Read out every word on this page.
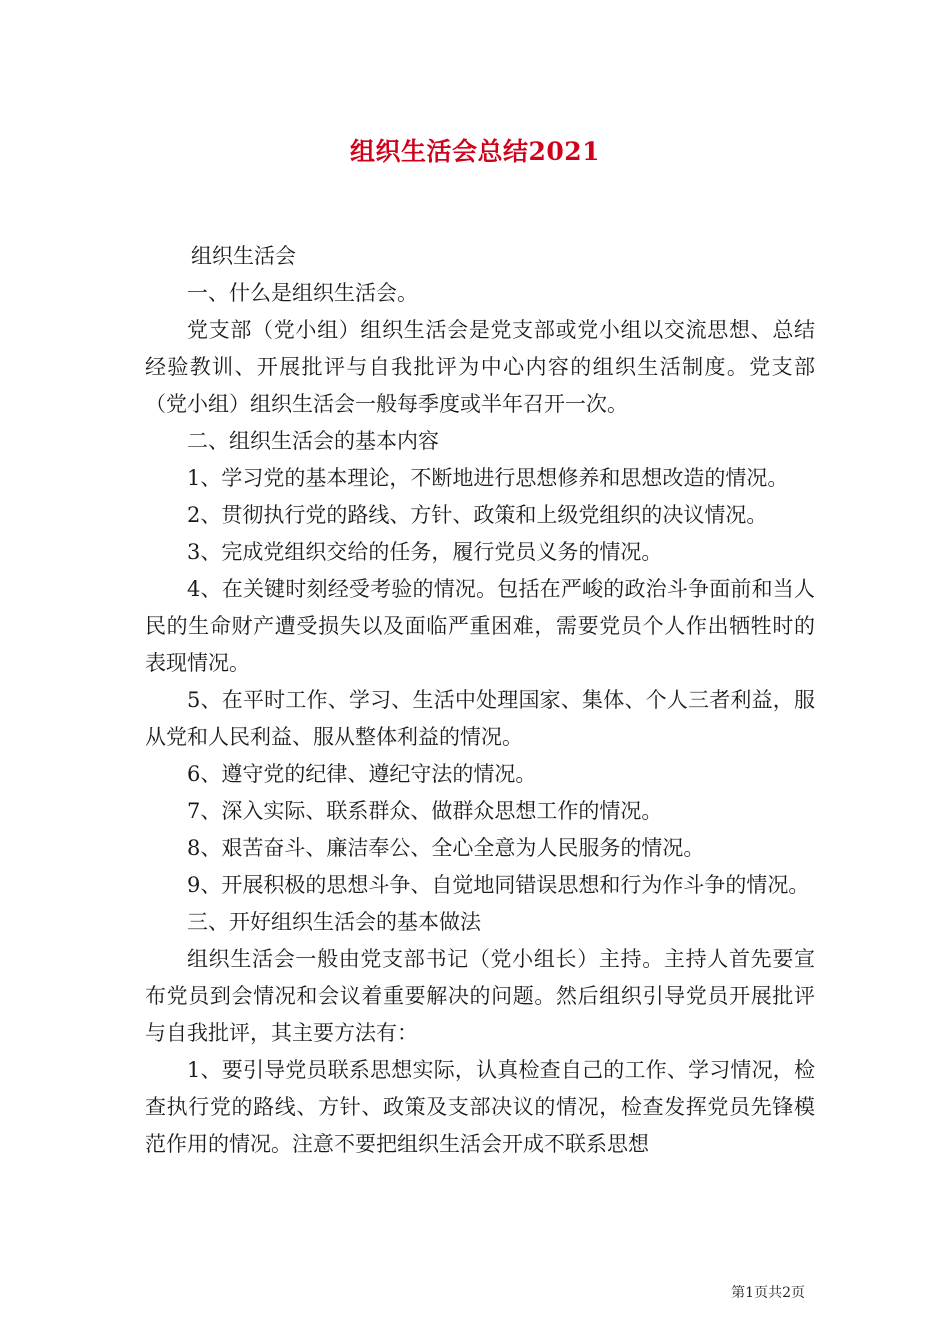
组织生活会总结2021

组织生活会

一、什么是组织生活会。

党支部（党小组）组织生活会是党支部或党小组以交流思想、总结经验教训、开展批评与自我批评为中心内容的组织生活制度。党支部（党小组）组织生活会一般每季度或半年召开一次。

二、组织生活会的基本内容

1、学习党的基本理论，不断地进行思想修养和思想改造的情况。

2、贯彻执行党的路线、方针、政策和上级党组织的决议情况。

3、完成党组织交给的任务，履行党员义务的情况。

4、在关键时刻经受考验的情况。包括在严峻的政治斗争面前和当人民的生命财产遭受损失以及面临严重困难，需要党员个人作出牺牲时的表现情况。

5、在平时工作、学习、生活中处理国家、集体、个人三者利益，服从党和人民利益、服从整体利益的情况。

6、遵守党的纪律、遵纪守法的情况。

7、深入实际、联系群众、做群众思想工作的情况。

8、艰苦奋斗、廉洁奉公、全心全意为人民服务的情况。

9、开展积极的思想斗争、自觉地同错误思想和行为作斗争的情况。

三、开好组织生活会的基本做法

组织生活会一般由党支部书记（党小组长）主持。主持人首先要宣布党员到会情况和会议着重要解决的问题。然后组织引导党员开展批评与自我批评，其主要方法有：

1、要引导党员联系思想实际，认真检查自己的工作、学习情况，检查执行党的路线、方针、政策及支部决议的情况，检查发挥党员先锋模范作用的情况。注意不要把组织生活会开成不联系思想

第1页共2页
